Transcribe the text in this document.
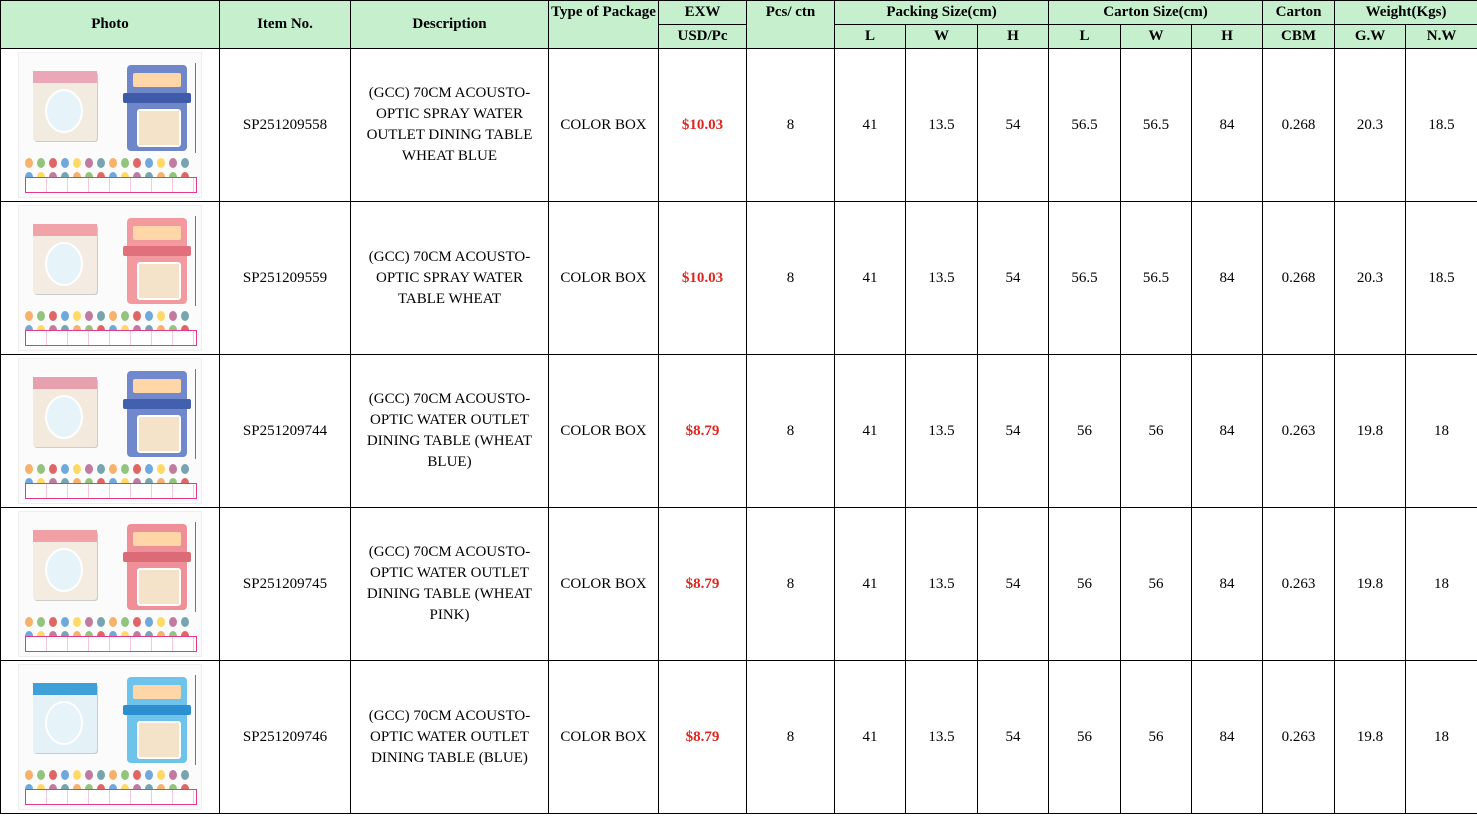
Photo	Item No.	Description	Type of Package	EXW	Pcs/ ctn	Packing Size(cm)			Carton Size(cm)			Carton	Weight(Kgs)	
				USD/Pc		L	W	H	L	W	H	CBM	G.W	N.W

	SP251209558	(GCC) 70CM ACOUSTO-OPTIC SPRAY WATER OUTLET DINING TABLE WHEAT BLUE	COLOR BOX	$10.03	8	41	13.5	54	56.5	56.5	84	0.268	20.3	18.5

	SP251209559	(GCC) 70CM ACOUSTO-OPTIC SPRAY WATER TABLE WHEAT	COLOR BOX	$10.03	8	41	13.5	54	56.5	56.5	84	0.268	20.3	18.5

	SP251209744	(GCC) 70CM ACOUSTO-OPTIC WATER OUTLET DINING TABLE (WHEAT BLUE)	COLOR BOX	$8.79	8	41	13.5	54	56	56	84	0.263	19.8	18

	SP251209745	(GCC) 70CM ACOUSTO-OPTIC WATER OUTLET DINING TABLE (WHEAT PINK)	COLOR BOX	$8.79	8	41	13.5	54	56	56	84	0.263	19.8	18

	SP251209746	(GCC) 70CM ACOUSTO-OPTIC WATER OUTLET DINING TABLE (BLUE)	COLOR BOX	$8.79	8	41	13.5	54	56	56	84	0.263	19.8	18
